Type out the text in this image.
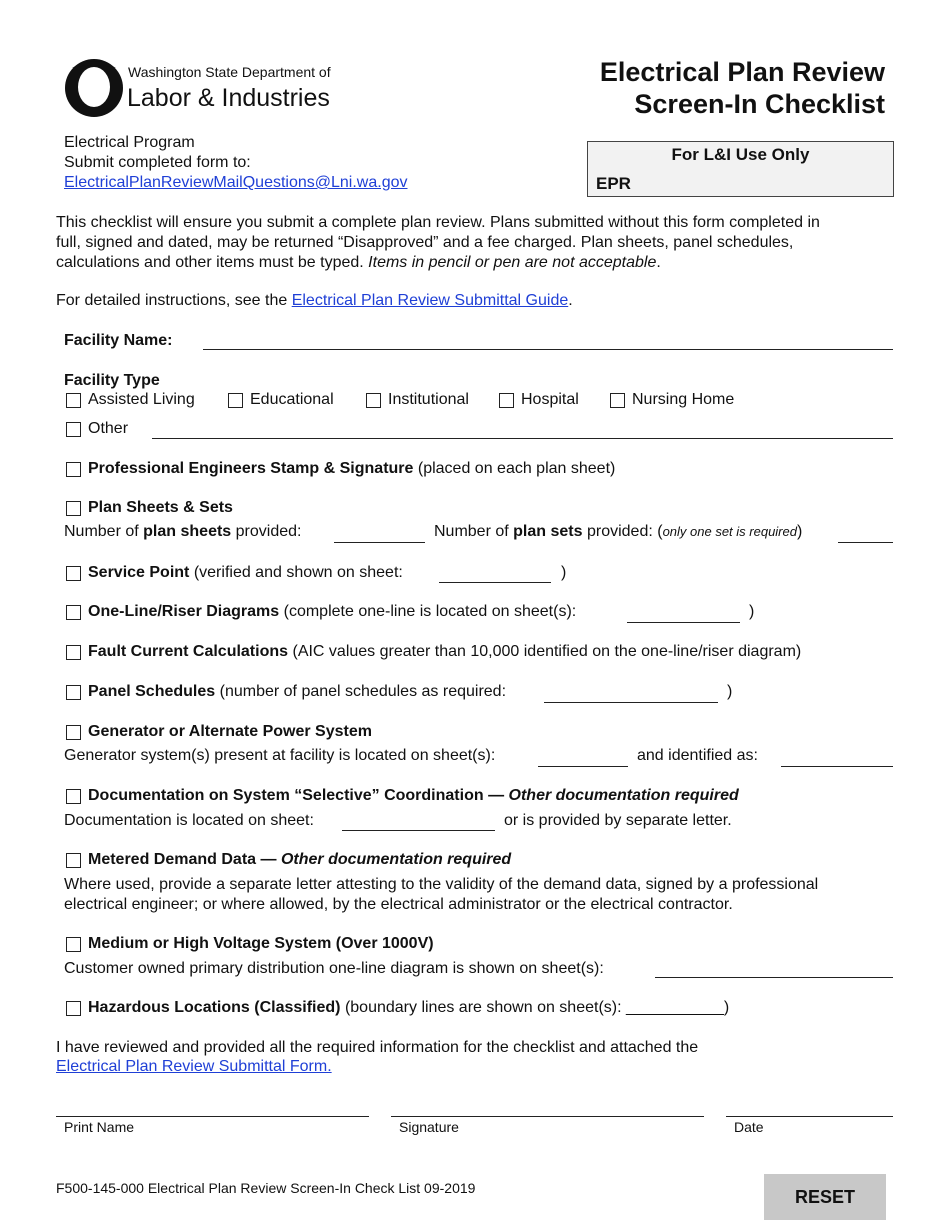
Washington State Department of
Labor & Industries
Electrical Plan Review
Screen-In Checklist
Electrical Program
Submit completed form to:
ElectricalPlanReviewMailQuestions@Lni.wa.gov
For L&I Use Only
EPR
This checklist will ensure you submit a complete plan review. Plans submitted without this form completed in
full, signed and dated, may be returned “Disapproved” and a fee charged. Plan sheets, panel schedules,
calculations and other items must be typed. Items in pencil or pen are not acceptable.
For detailed instructions, see the Electrical Plan Review Submittal Guide.
Facility Name:
Facility Type
Assisted Living	Educational	Institutional	Hospital	Nursing Home
Other
Professional Engineers Stamp & Signature (placed on each plan sheet)
Plan Sheets & Sets
Number of plan sheets provided:	Number of plan sets provided: (only one set is required)
Service Point (verified and shown on sheet:	)
One-Line/Riser Diagrams (complete one-line is located on sheet(s):	)
Fault Current Calculations (AIC values greater than 10,000 identified on the one-line/riser diagram)
Panel Schedules (number of panel schedules as required:	)
Generator or Alternate Power System
Generator system(s) present at facility is located on sheet(s):	and identified as:
Documentation on System “Selective” Coordination — Other documentation required
Documentation is located on sheet:	or is provided by separate letter.
Metered Demand Data — Other documentation required
Where used, provide a separate letter attesting to the validity of the demand data, signed by a professional
electrical engineer; or where allowed, by the electrical administrator or the electrical contractor.
Medium or High Voltage System (Over 1000V)
Customer owned primary distribution one-line diagram is shown on sheet(s):
Hazardous Locations (Classified) (boundary lines are shown on sheet(s): ___________)
I have reviewed and provided all the required information for the checklist and attached the
Electrical Plan Review Submittal Form.
Print Name	Signature	Date
F500-145-000 Electrical Plan Review Screen-In Check List 09-2019	RESET
